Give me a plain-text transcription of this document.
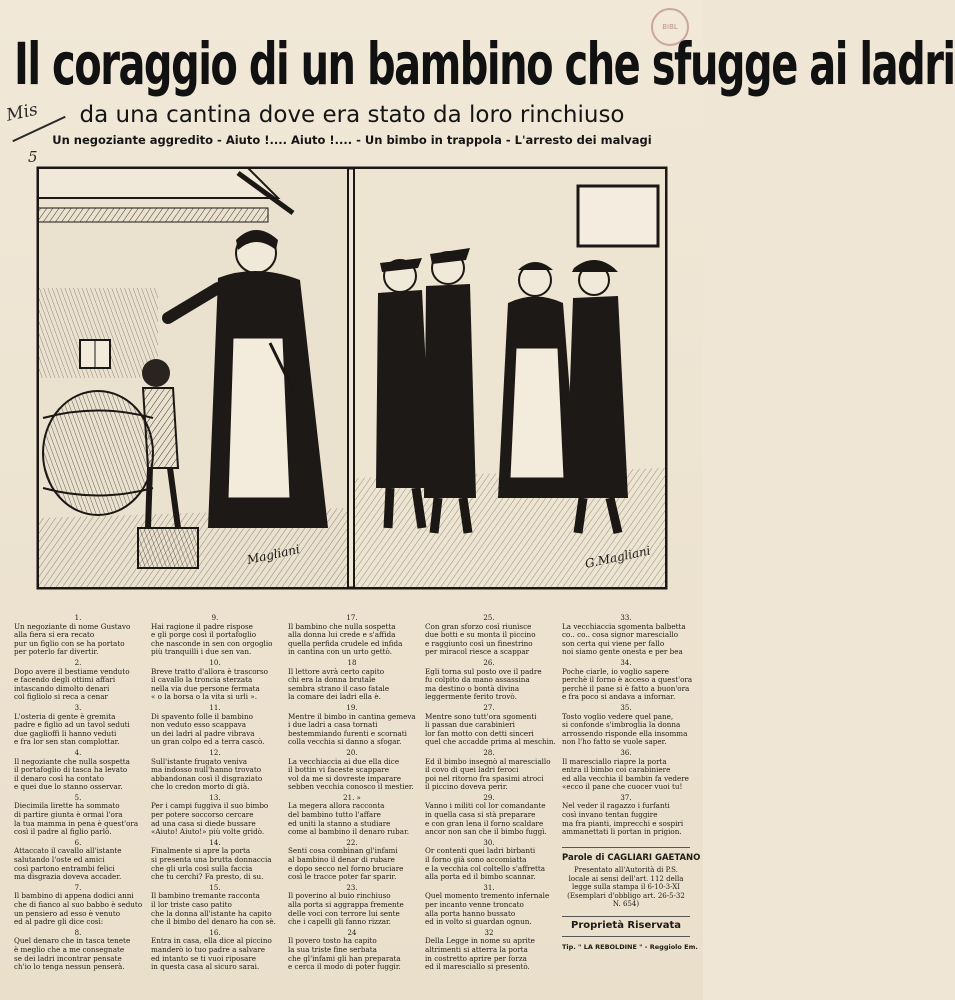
BIBL
Mis
5
Il coraggio di un bambino che sfugge ai ladri
da una cantina dove era stato da loro rinchiuso
Un negoziante aggredito - Aiuto !.... Aiuto !.... - Un bimbo in trappola - L'arresto dei malvagi
Magliani	G.Magliani
1.
Un negoziante di nome Gustavo
alla fiera si era recato
pur un figlio con se ha portato
per poterlo far divertir.
2.
Dopo avere il bestiame venduto
e facendo degli ottimi affari
intascando dimolto denari
col figliolo si reca a cenar
3.
L'osteria di gente è gremita
padre e figlio ad un tavol seduti
due gaglioffi li hanno veduti
e fra lor sen stan complottar.
4.
Il negoziante che nulla sospetta
il portafoglio di tasca ha levato
il denaro così ha contato
e quei due lo stanno osservar.
5.
Diecimila lirette ha sommato
di partire giunta è ormai l'ora
la tua mamma in pena è quest'ora
così il padre al figlio parlò.
6.
Attaccato il cavallo all'istante
salutando l'oste ed amici
così partono entrambi felici
ma disgrazia doveva accader.
7.
Il bambino di appena dodici anni
che di fianco al suo babbo è seduto
un pensiero ad esso è venuto
ed al padre gli dice così:
8.
Quel denaro che in tasca tenete
è meglio che a me consegnate
se dei ladri incontrar pensate
ch'io lo tenga nessun penserà.
9.
Hai ragione il padre rispose
e gli porge così il portafoglio
che nasconde in sen con orgoglio
più tranquilli i due sen van.
10.
Breve tratto d'allora è trascorso
il cavallo la troncia sterzata
nella via due persone fermata
« o la borsa o la vita si urli ».
11.
Di spavento folle il bambino
non veduto esso scappava
un dei ladri al padre vibrava
un gran colpo ed a terra cascò.
12.
Sull'istante frugato veniva
ma indosso null'hanno trovato
abbandonan così il disgraziato
che lo credon morto di già.
13.
Per i campi fuggiva il suo bimbo
per potere soccorso cercare
ad una casa si diede bussare
«Aiuto! Aiuto!» più volte gridò.
14.
Finalmente si apre la porta
si presenta una brutta donnaccia
che gli urla così sulla faccia
che tu cerchi? Fa presto, di su.
15.
Il bambino tremante racconta
il lor triste caso patito
che la donna all'istante ha capito
che il bimbo del denaro ha con sè.
16.
Entra in casa, ella dice al piccino
manderò io tuo padre a salvare
ed intanto se ti vuoi riposare
in questa casa al sicuro sarai.
17.
Il bambino che nulla sospetta
alla donna lui crede e s'affida
quella perfida crudele ed infida
in cantina con un urto gettò.
18
Il lettore avrà certo capito
chi era la donna brutale
sembra strano il caso fatale
la comare dei ladri ella è.
19.
Mentre il bimbo in cantina gemeva
i due ladri a casa tornati
bestemmiando furenti e scornati
colla vecchia si danno a sfogar.
20.
La vecchiaccia ai due ella dice
il bottin vi faceste scappare
vol da me si dovreste imparare
sebben vecchia conosco il mestier.
21. »
La megera allora racconta
del bambino tutto l'affare
ed uniti la stanno a studiare
come al bambino il denaro rubar.
22.
Senti cosa combinan gl'infami
al bambino il denar di rubare
e dopo secco nel forno bruciare
così le tracce poter far sparir.
23.
Il poverino al buio rinchiuso
alla porta si aggrappa fremente
delle voci con terrore lui sente
che i capelli gli fanno rizzar.
24
Il povero tosto ha capito
la sua triste fine serbata
che gl'infami gli han preparata
e cerca il modo di poter fuggir.
25.
Con gran sforzo così riunisce
due botti e su monta il piccino
e raggiunto così un finestrino
per miracol riesce a scappar
26.
Egli torna sul posto ove il padre
fu colpito da mano assassina
ma destino o bontà divina
leggermente ferito trovò.
27.
Mentre sono tutt'ora sgomenti
li passan due carabinieri
lor fan motto con detti sinceri
quel che accadde prima al meschin.
28.
Ed il bimbo insegnò al maresciallo
il covo di quei ladri feroci
poi nel ritorno fra spasimi atroci
il piccino doveva perir.
29.
Vanno i militi col lor comandante
in quella casa si stà preparare
e con gran lena il forno scaldare
ancor non san che il bimbo fuggì.
30.
Or contenti quei ladri birbanti
il forno già sono accomiatta
e la vecchia col coltello s'affretta
alla porta ed il bimbo scannar.
31.
Quel momento tremento infernale
per incanto venne troncato
alla porta hanno bussato
ed in volto si guardan ognun.
32
Della Legge in nome su aprite
altrimenti si atterra la porta
in costretto aprire per forza
ed il maresciallo si presentò.
33.
La vecchiaccia sgomenta balbetta
co.. co.. cosa signor maresciallo
son certa qui viene per fallo
noi siamo gente onesta e per bea
34.
Poche ciarle, io voglio sapere
perchè il forno è acceso a quest'ora
perchè il pane si è fatto a buon'ora
e fra poco si andava a infornar.
35.
Tosto voglio vedere quel pane,
si confonde s'imbroglia la donna
arrossendo risponde ella insomma
non l'ho fatto se vuole saper.
36.
Il maresciallo riapre la porta
entra il bimbo coi carabiniere
ed alla vecchia il bambin fa vedere
«ecco il pane che cuocer vuoi tu!
37.
Nel veder il ragazzo i furfanti
così invano tentan fuggire
ma fra pianti, imprecchi e sospiri
ammanettati li portan in prigion.
Parole di CAGLIARI GAETANO
Presentato all'Autorità di P.S.
locale ai sensi dell'art. 112 della
legge sulla stampa il 6-10-3-XI
(Esemplari d'obbligo art. 26-5-32
N. 654)
Proprietà Riservata
Tip. " LA REBOLDINE " - Reggiolo Em.
